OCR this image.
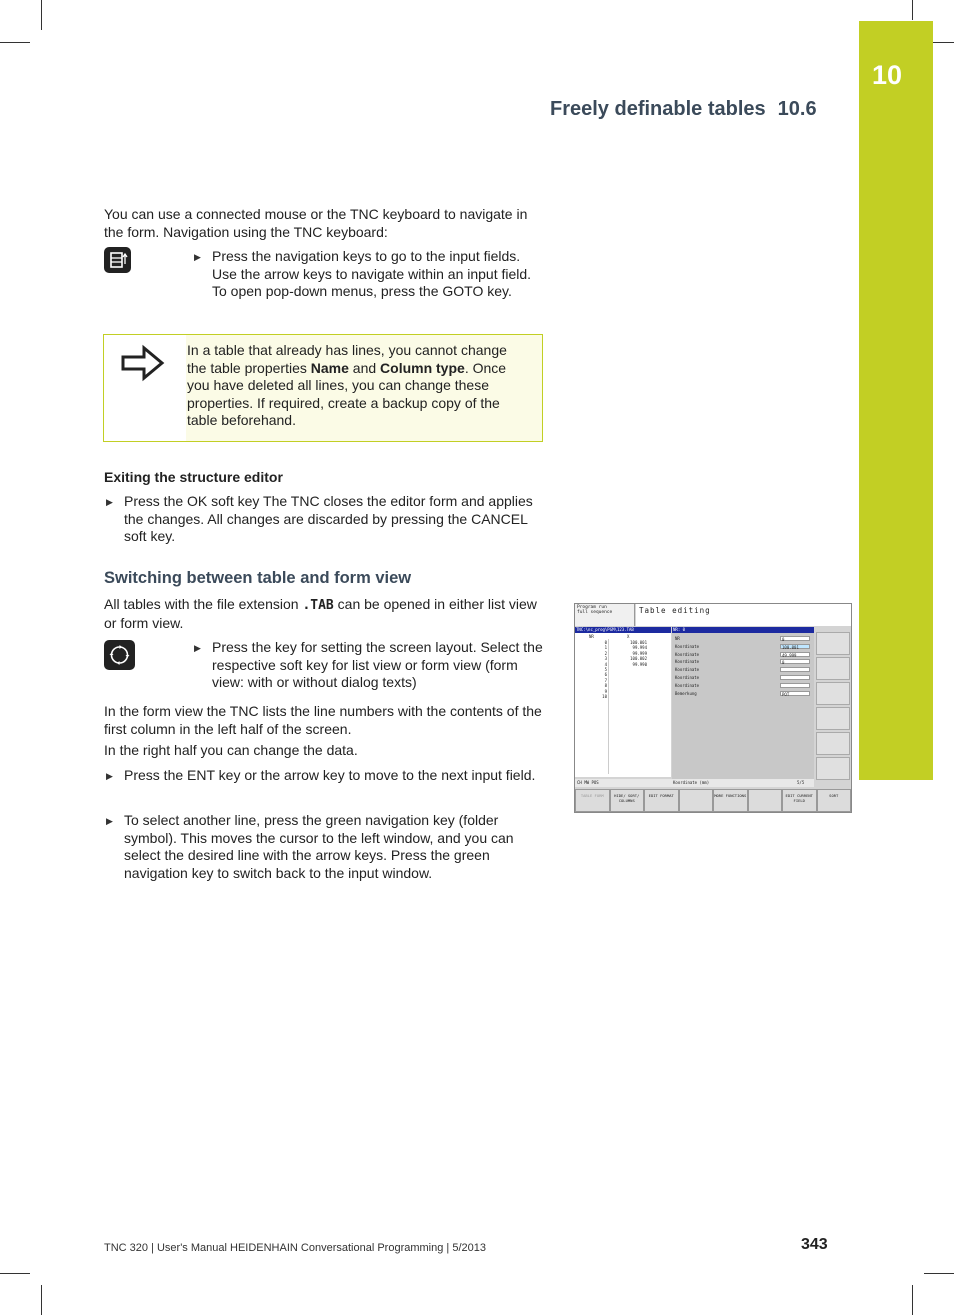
10
Freely definable tables 10.6
You can use a connected mouse or the TNC keyboard to navigate in the form. Navigation using the TNC keyboard:
▶ Press the navigation keys to go to the input fields. Use the arrow keys to navigate within an input field. To open pop-down menus, press the GOTO key.
In a table that already has lines, you cannot change the table properties Name and Column type. Once you have deleted all lines, you can change these properties. If required, create a backup copy of the table beforehand.
Exiting the structure editor
▶ Press the OK soft key The TNC closes the editor form and applies the changes. All changes are discarded by pressing the CANCEL soft key.
Switching between table and form view
All tables with the file extension .TAB can be opened in either list view or form view.
▶ Press the key for setting the screen layout. Select the respective soft key for list view or form view (form view: with or without dialog texts)
In the form view the TNC lists the line numbers with the contents of the first column in the left half of the screen.
In the right half you can change the data.
▶ Press the ENT key or the arrow key to move to the next input field.
▶ To select another line, press the green navigation key (folder symbol). This moves the cursor to the left window, and you can select the desired line with the arrow keys. Press the green navigation key to switch back to the input window.
Program run
full sequence	Table editing
TNC:\nc_prog\PGM\123.TAB
NR	X
0	100.001
1	99.994
2	99.999
3	100.002
4	99.990
5
6
7
8
9
10
NR: 0
NR	0
Koordinate	100.001
Koordinate	49.999
Koordinate	0
Koordinate
Koordinate
Koordinate
Bemerkung	POT
CH MW POS	Koordinate (mm)	5/5
TABLE FORM	HIDE/ SORT/ COLUMNS
EDIT FORMAT	MORE FUNCTIONS	EDIT CURRENT FIELD
SORT
TNC 320 | User's Manual HEIDENHAIN Conversational Programming | 5/2013	343
